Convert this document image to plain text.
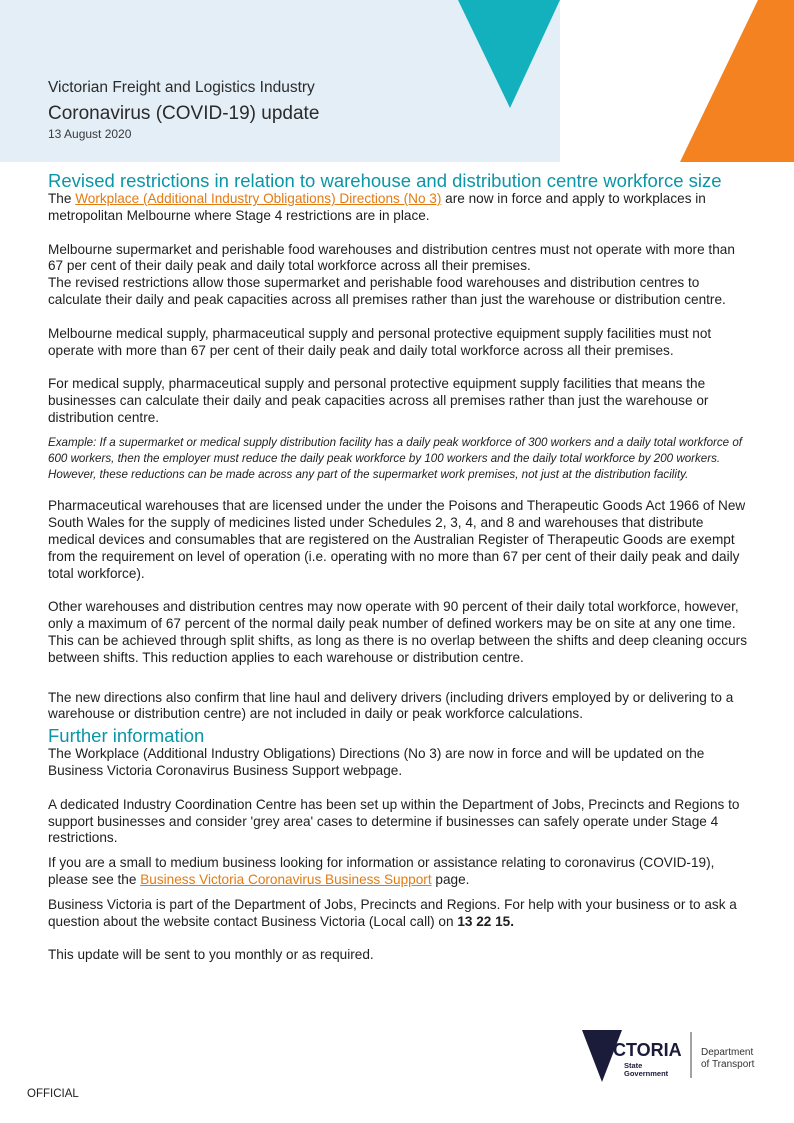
Victorian Freight and Logistics Industry
Coronavirus (COVID-19) update
13 August 2020
Revised restrictions in relation to warehouse and distribution centre workforce size

The Workplace (Additional Industry Obligations) Directions (No 3) are now in force and apply to workplaces in metropolitan Melbourne where Stage 4 restrictions are in place.

Melbourne supermarket and perishable food warehouses and distribution centres must not operate with more than 67 per cent of their daily peak and daily total workforce across all their premises.

The revised restrictions allow those supermarket and perishable food warehouses and distribution centres to calculate their daily and peak capacities across all premises rather than just the warehouse or distribution centre.

Melbourne medical supply, pharmaceutical supply and personal protective equipment supply facilities must not operate with more than 67 per cent of their daily peak and daily total workforce across all their premises.

For medical supply, pharmaceutical supply and personal protective equipment supply facilities that means the businesses can calculate their daily and peak capacities across all premises rather than just the warehouse or distribution centre.

Example: If a supermarket or medical supply distribution facility has a daily peak workforce of 300 workers and a daily total workforce of 600 workers, then the employer must reduce the daily peak workforce by 100 workers and the daily total workforce by 200 workers. However, these reductions can be made across any part of the supermarket work premises, not just at the distribution facility.

Pharmaceutical warehouses that are licensed under the under the Poisons and Therapeutic Goods Act 1966 of New South Wales for the supply of medicines listed under Schedules 2, 3, 4, and 8 and warehouses that distribute medical devices and consumables that are registered on the Australian Register of Therapeutic Goods are exempt from the requirement on level of operation (i.e. operating with no more than 67 per cent of their daily peak and daily total workforce).

Other warehouses and distribution centres may now operate with 90 percent of their daily total workforce, however, only a maximum of 67 percent of the normal daily peak number of defined workers may be on site at any one time. This can be achieved through split shifts, as long as there is no overlap between the shifts and deep cleaning occurs between shifts. This reduction applies to each warehouse or distribution centre.

The new directions also confirm that line haul and delivery drivers (including drivers employed by or delivering to a warehouse or distribution centre) are not included in daily or peak workforce calculations.

Further information

The Workplace (Additional Industry Obligations) Directions (No 3) are now in force and will be updated on the Business Victoria Coronavirus Business Support webpage.

A dedicated Industry Coordination Centre has been set up within the Department of Jobs, Precincts and Regions to support businesses and consider 'grey area' cases to determine if businesses can safely operate under Stage 4 restrictions.

If you are a small to medium business looking for information or assistance relating to coronavirus (COVID-19), please see the Business Victoria Coronavirus Business Support page.

Business Victoria is part of the Department of Jobs, Precincts and Regions. For help with your business or to ask a question about the website contact Business Victoria (Local call) on 13 22 15.

This update will be sent to you monthly or as required.

VICTORIA
State
Government
Department
of Transport
OFFICIAL
